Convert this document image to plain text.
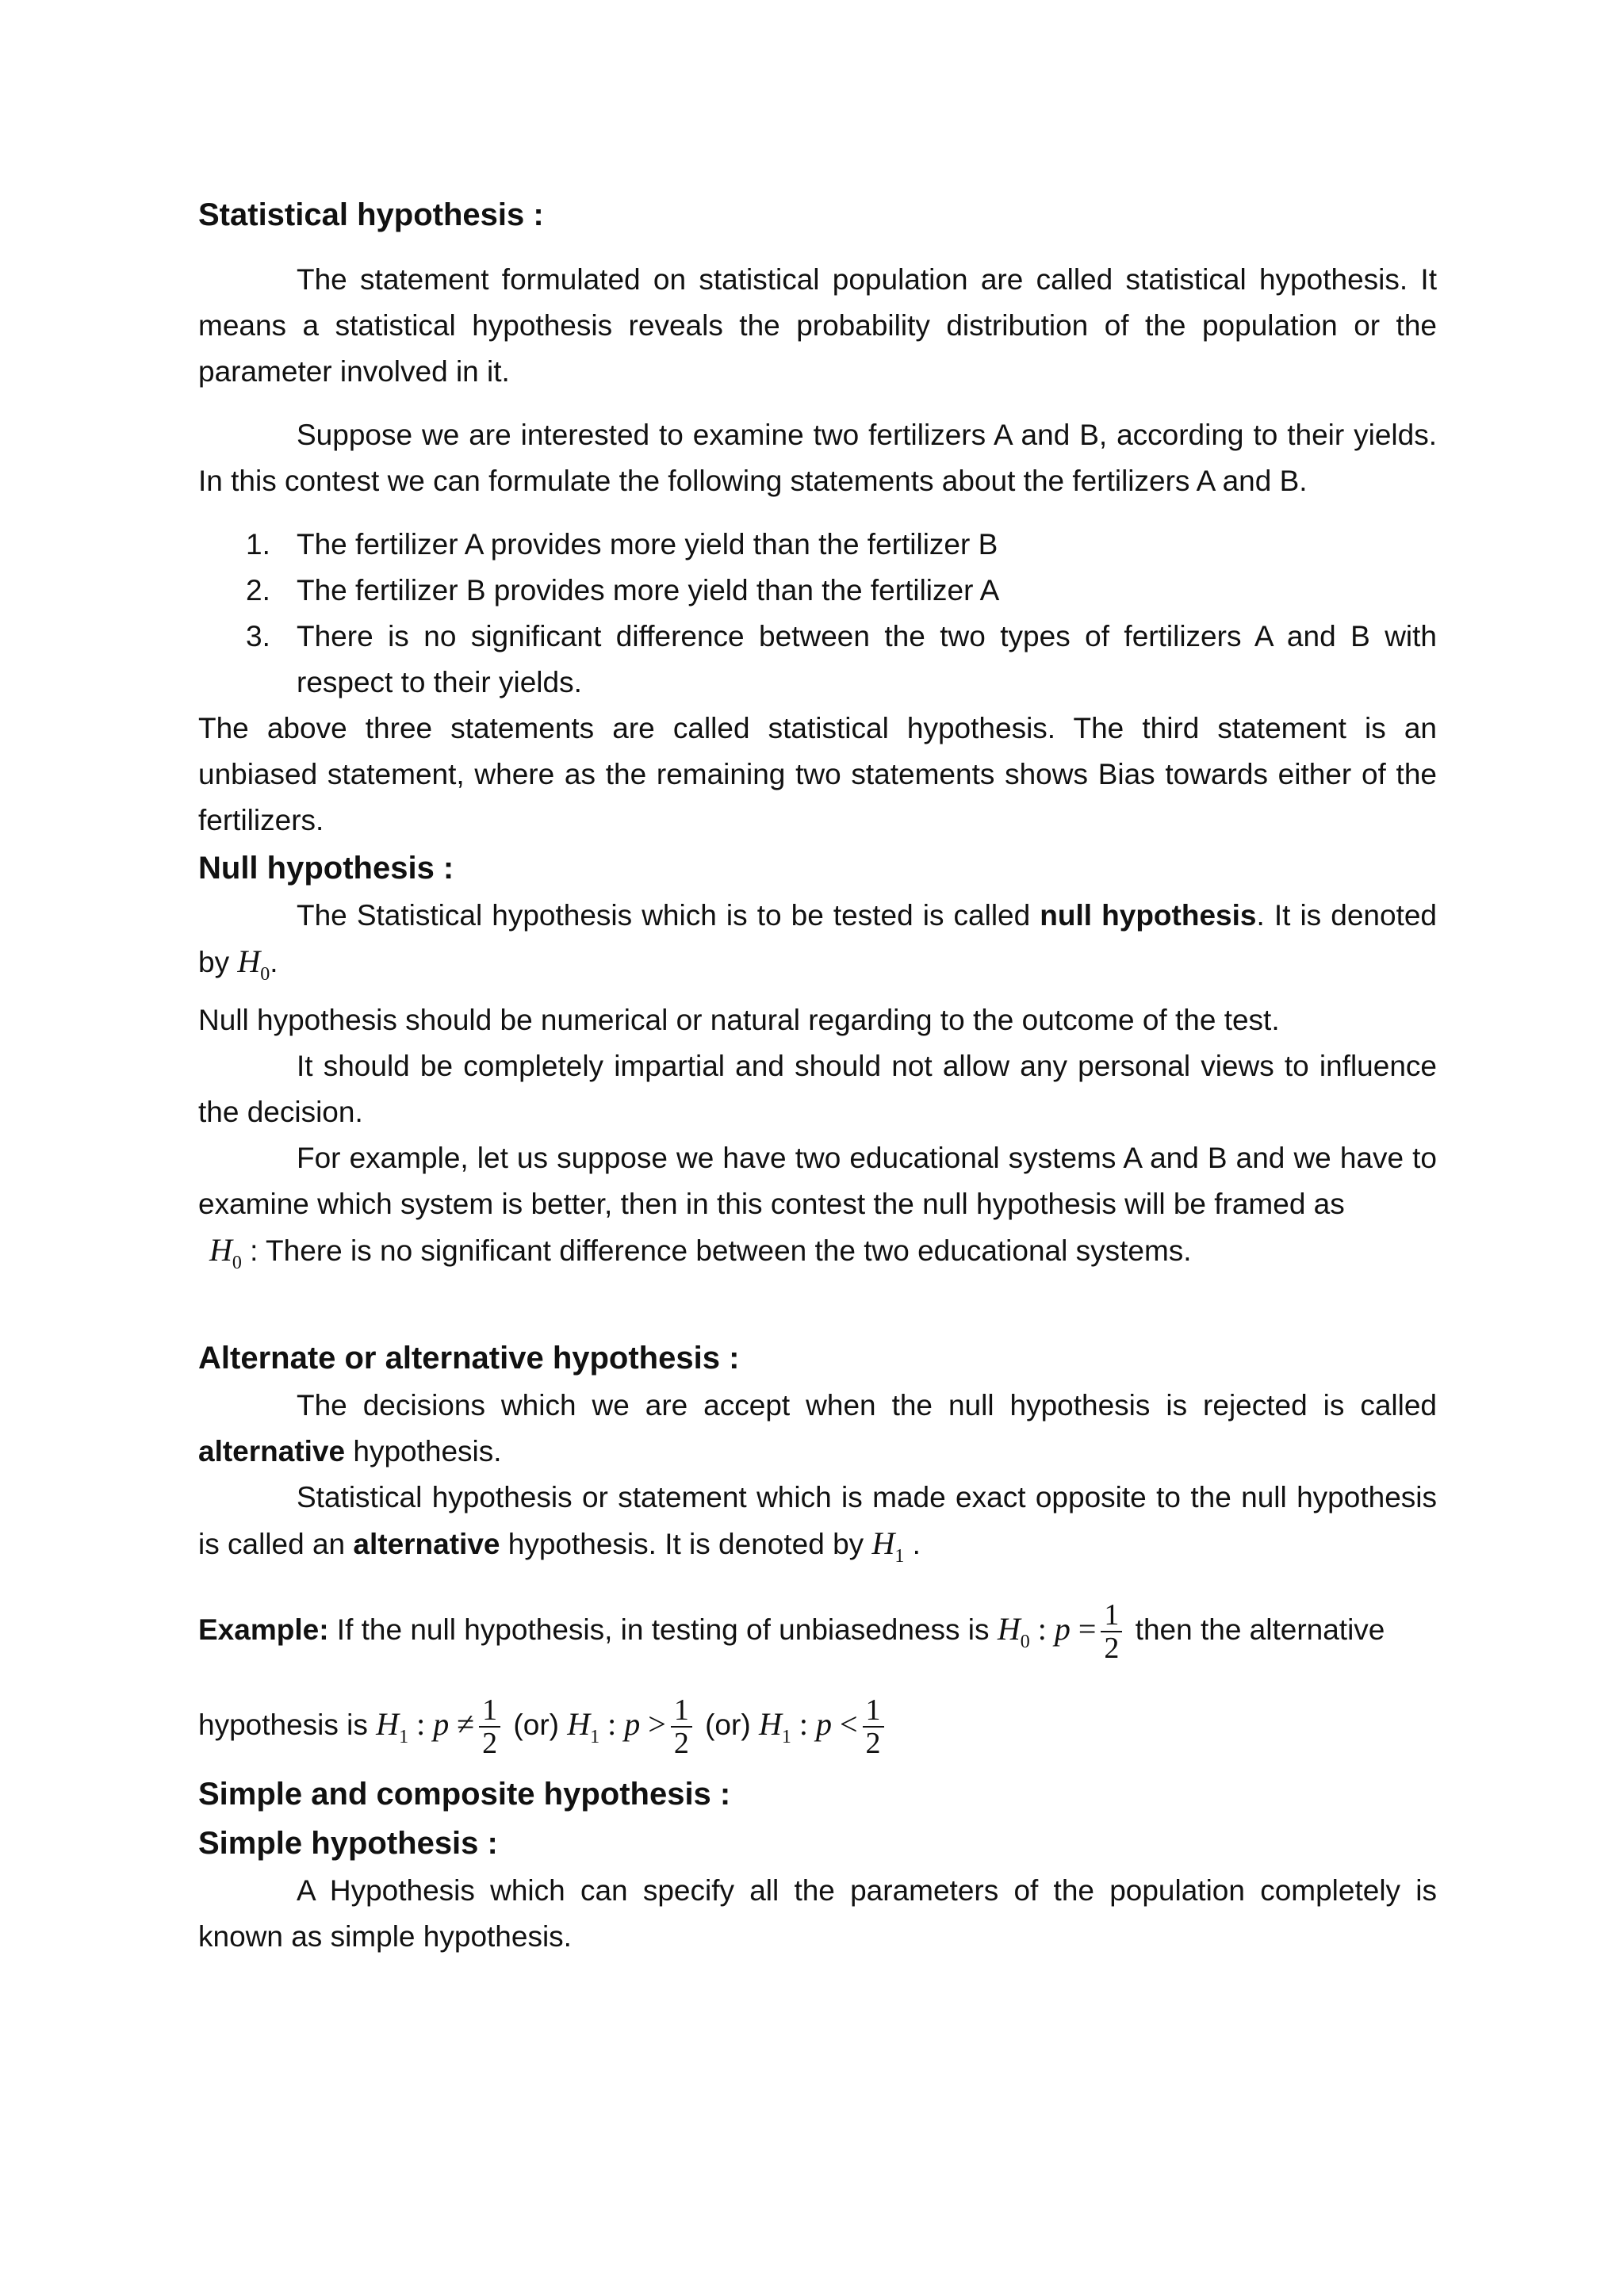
Statistical hypothesis :

The statement formulated on statistical population are called statistical hypothesis. It means a statistical hypothesis reveals the probability distribution of the population or the parameter involved in it.

Suppose we are interested to examine two fertilizers A and B, according to their yields. In this contest we can formulate the following statements about the fertilizers A and B.

1. The fertilizer A provides more yield than the fertilizer B
2. The fertilizer B provides more yield than the fertilizer A
3. There is no significant difference between the two types of fertilizers A and B with respect to their yields.

The above three statements are called statistical hypothesis. The third statement is an unbiased statement, where as the remaining two statements shows Bias towards either of the fertilizers.

Null hypothesis :

The Statistical hypothesis which is to be tested is called null hypothesis. It is denoted by $H_0$.

Null hypothesis should be numerical or natural regarding to the outcome of the test.

It should be completely impartial and should not allow any personal views to influence the decision.

For example, let us suppose we have two educational systems A and B and we have to examine which system is better, then in this contest the null hypothesis will be framed as

$H_0$ : There is no significant difference between the two educational systems.

Alternate or alternative hypothesis :

The decisions which we are accept when the null hypothesis is rejected is called alternative hypothesis.

Statistical hypothesis or statement which is made exact opposite to the null hypothesis is called an alternative hypothesis. It is denoted by $H_1$ .

Example: If the null hypothesis, in testing of unbiasedness is $H_0$ : $p = \frac{1}{2}$ then the alternative

hypothesis is $H_1$ : $p \ne \frac{1}{2} (or)$ $H_1$ : $p > \frac{1}{2} (or)$ $H_1$ : $p < \frac{1}{2}$

Simple and composite hypothesis :

Simple hypothesis :

A Hypothesis which can specify all the parameters of the population completely is known as simple hypothesis.
